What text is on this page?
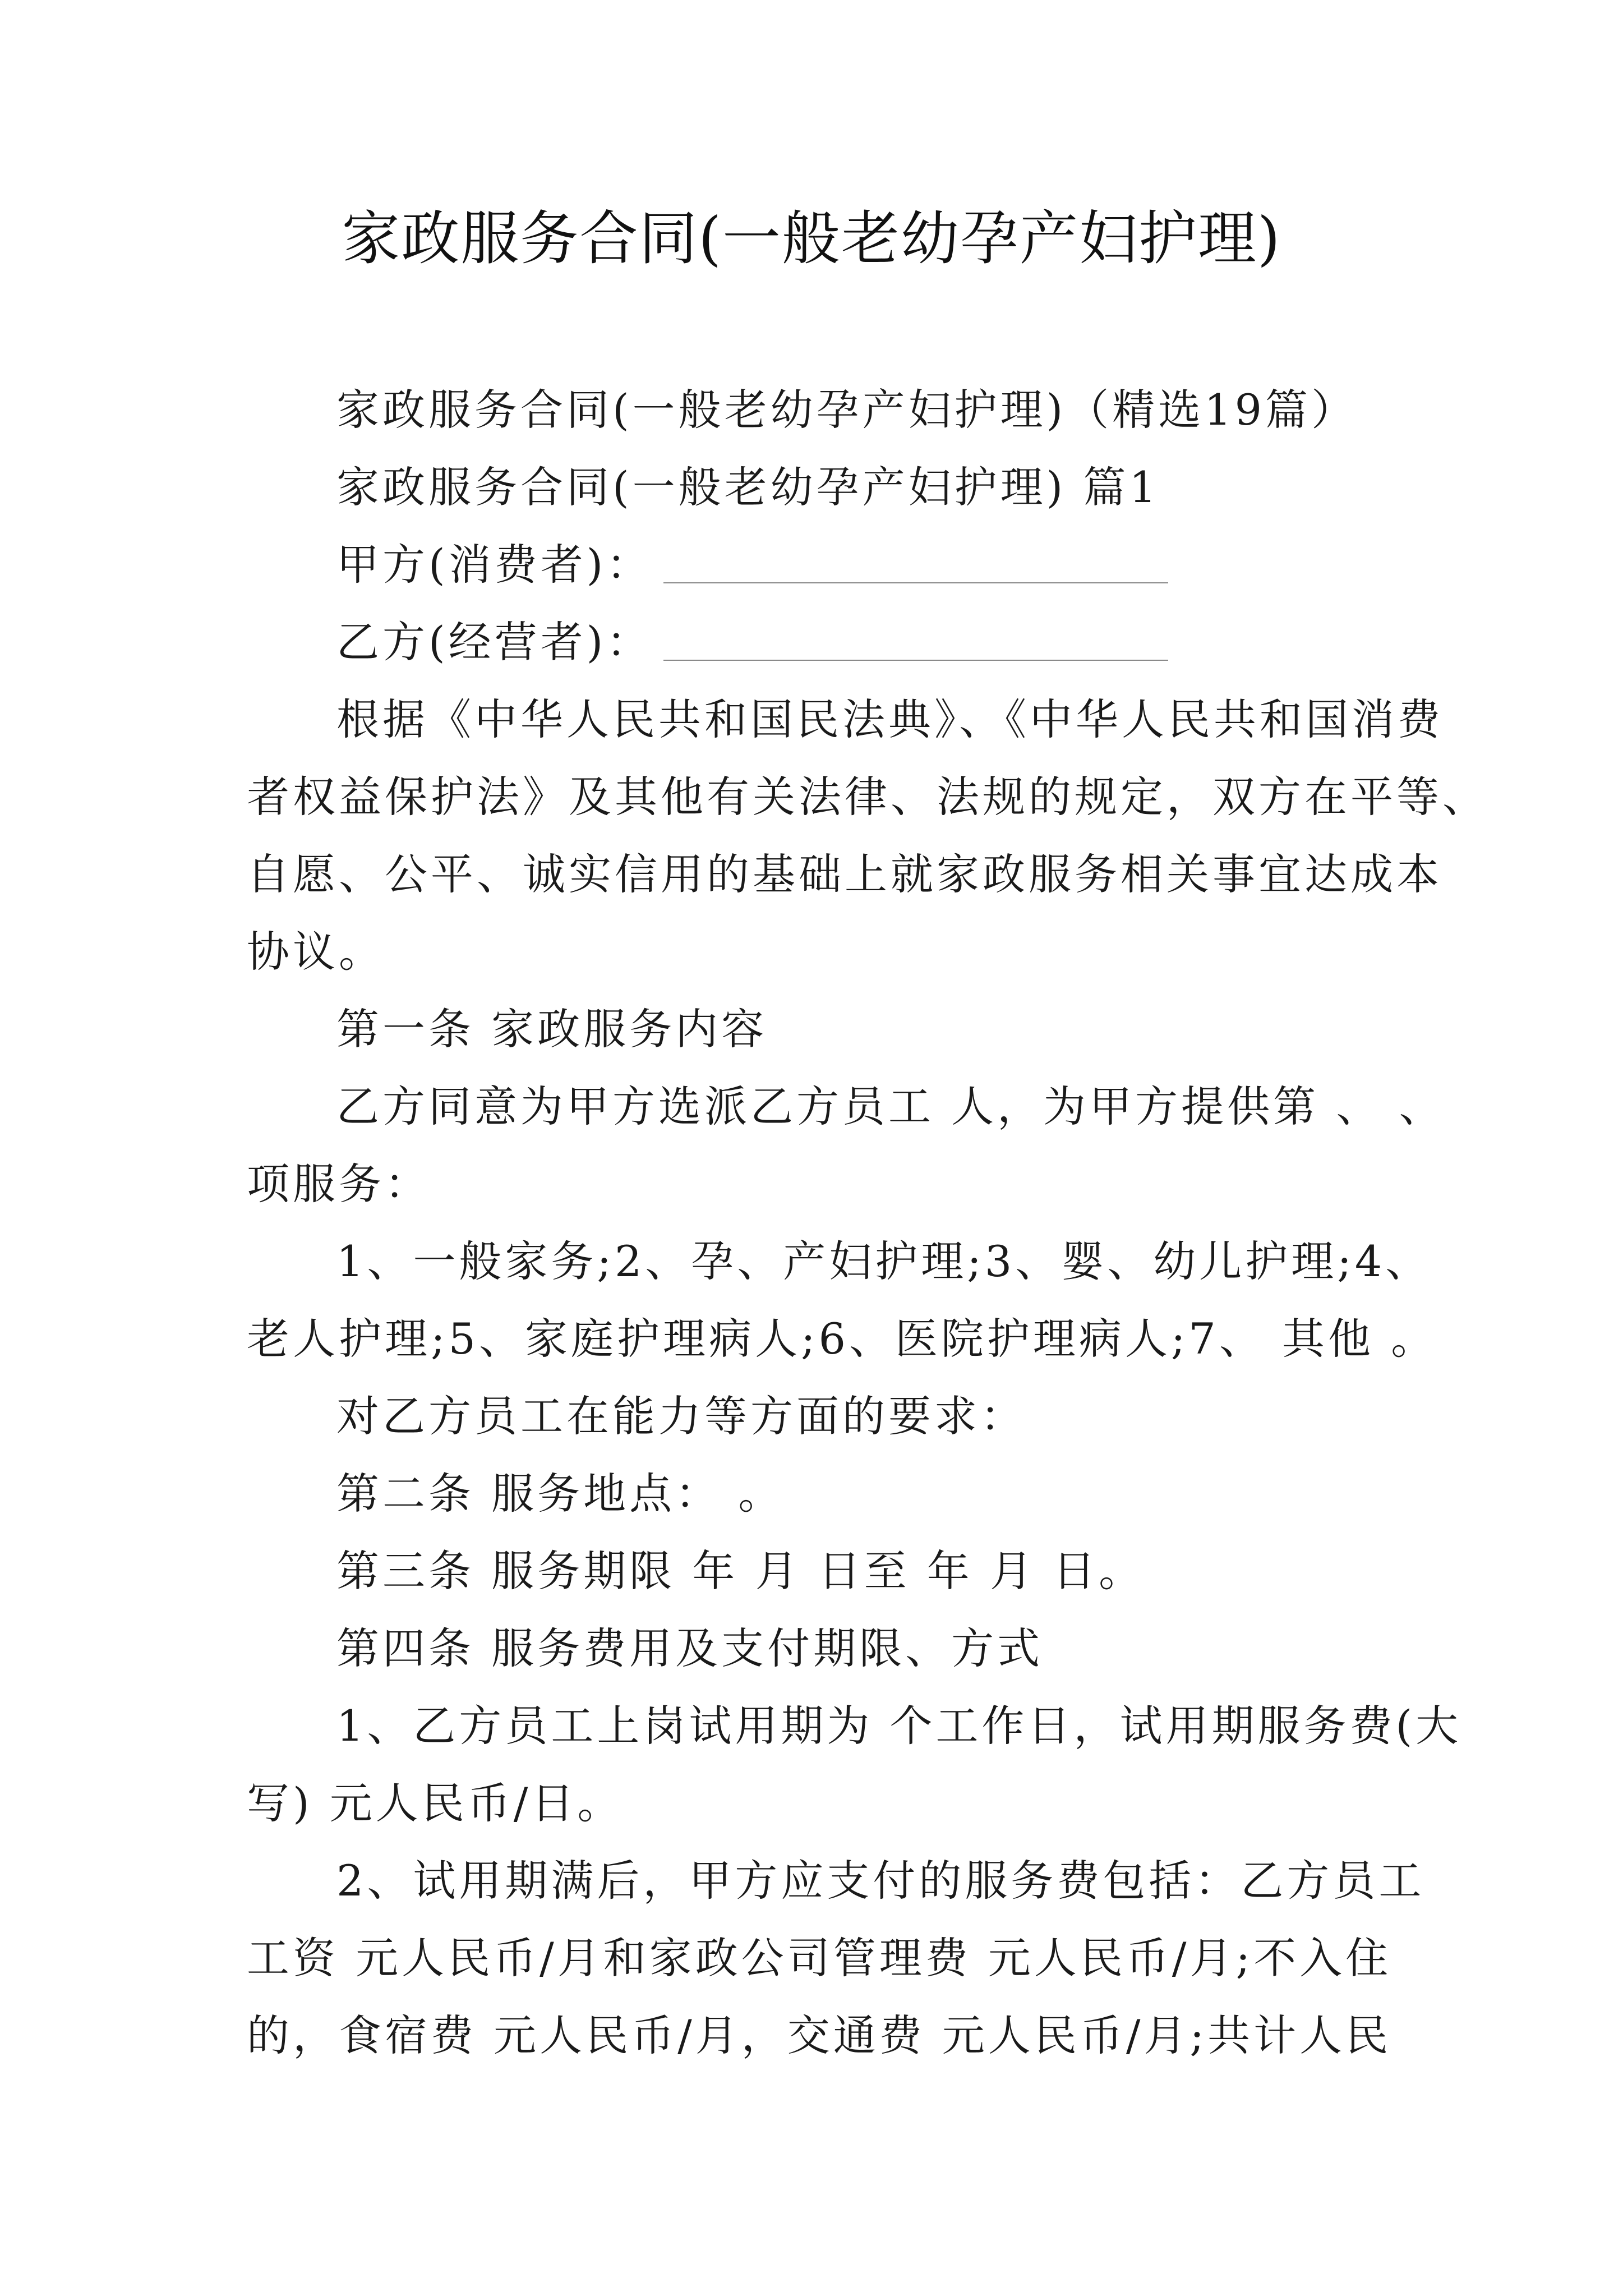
家政服务合同(一般老幼孕产妇护理)
家政服务合同(一般老幼孕产妇护理)（精选19篇）
家政服务合同(一般老幼孕产妇护理) 篇1
甲方(消费者)：
乙方(经营者)：
根据《中华人民共和国民法典》、《中华人民共和国消费
者权益保护法》及其他有关法律、法规的规定，双方在平等、
自愿、公平、诚实信用的基础上就家政服务相关事宜达成本
协议。
第一条 家政服务内容
乙方同意为甲方选派乙方员工 人，为甲方提供第 、 、
项服务：
1、一般家务;2、孕、产妇护理;3、婴、幼儿护理;4、
老人护理;5、家庭护理病人;6、医院护理病人;7、 其他 。
对乙方员工在能力等方面的要求：
第二条 服务地点： 。
第三条 服务期限 年 月 日至 年 月 日。
第四条 服务费用及支付期限、方式
1、乙方员工上岗试用期为 个工作日，试用期服务费(大
写) 元人民币/日。
2、试用期满后，甲方应支付的服务费包括：乙方员工
工资 元人民币/月和家政公司管理费 元人民币/月;不入住
的，食宿费 元人民币/月，交通费 元人民币/月;共计人民
